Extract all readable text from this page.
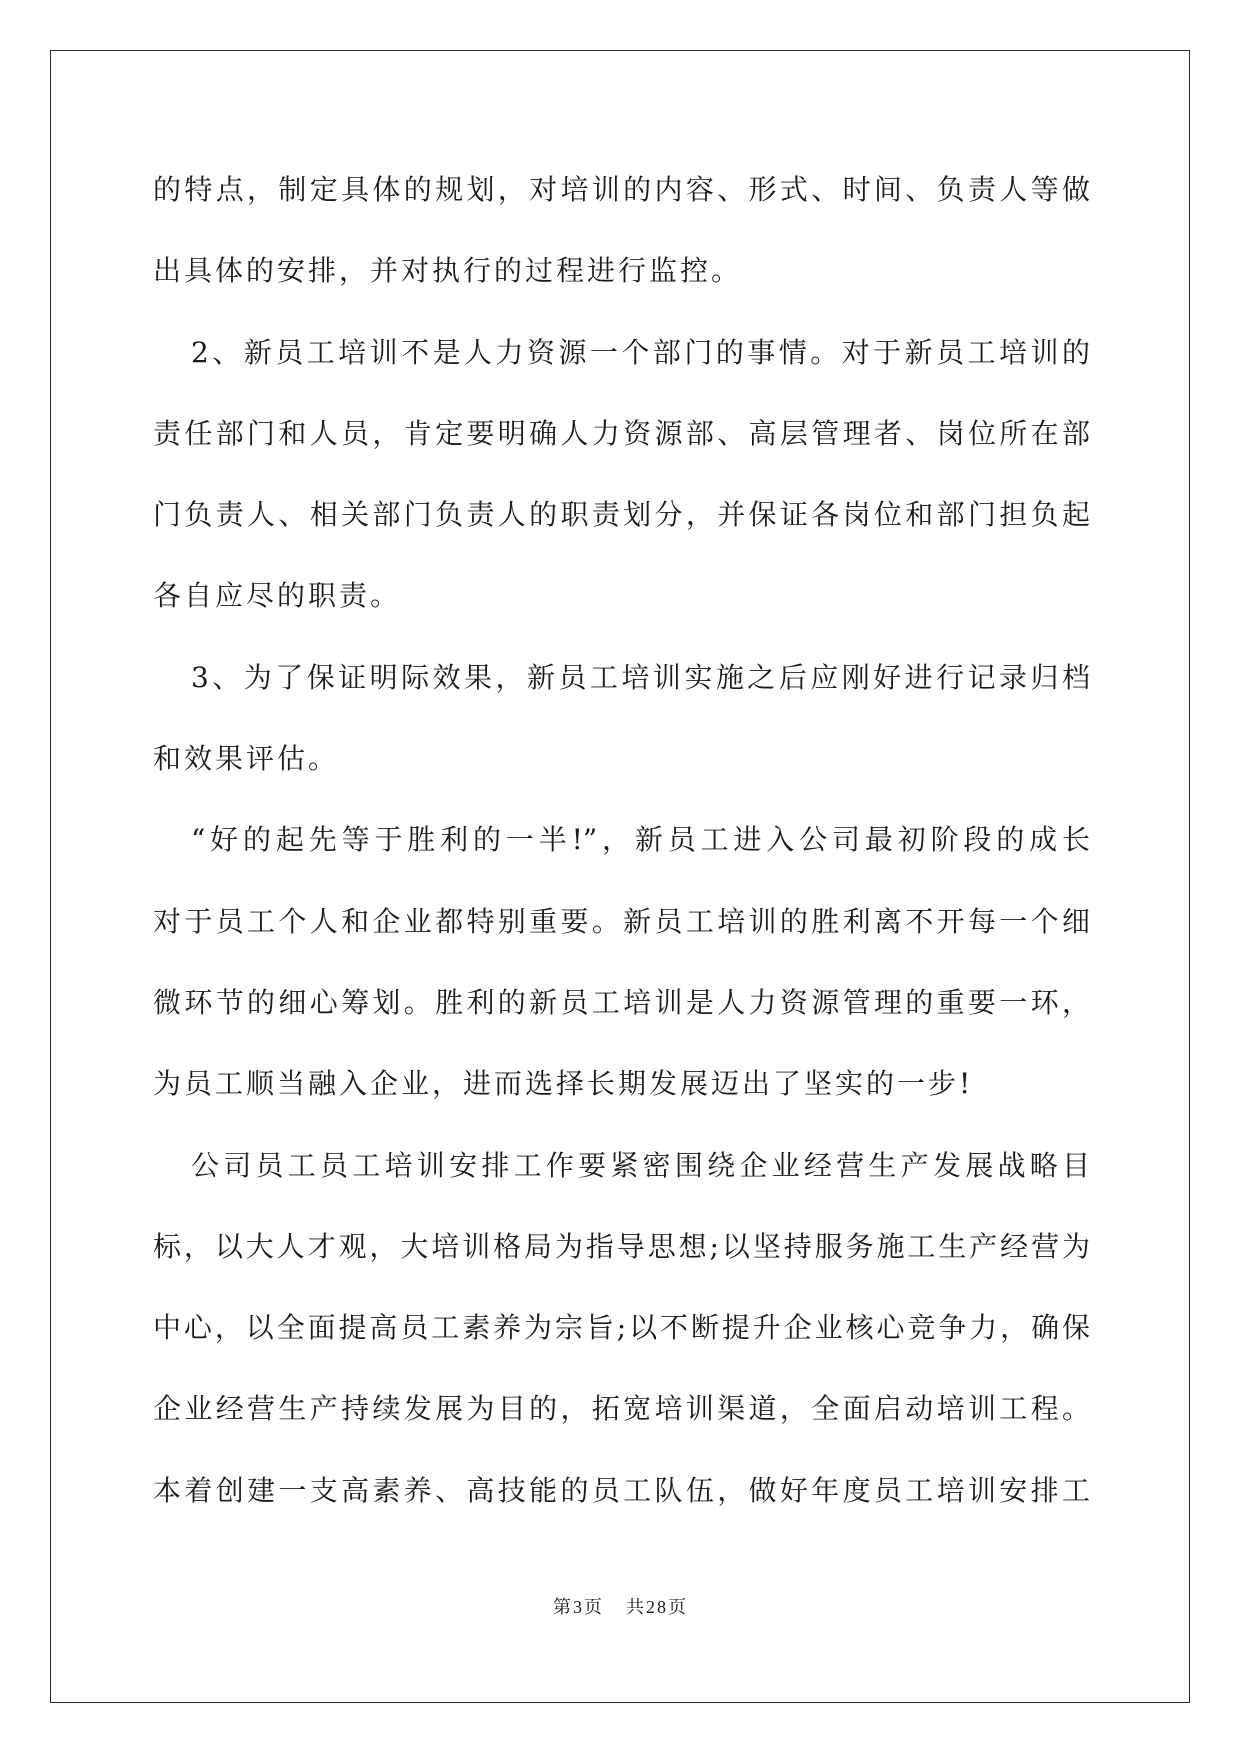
的特点，制定具体的规划，对培训的内容、形式、时间、负责人等做
出具体的安排，并对执行的过程进行监控。
2、新员工培训不是人力资源一个部门的事情。对于新员工培训的
责任部门和人员，肯定要明确人力资源部、高层管理者、岗位所在部
门负责人、相关部门负责人的职责划分，并保证各岗位和部门担负起
各自应尽的职责。
3、为了保证明际效果，新员工培训实施之后应刚好进行记录归档
和效果评估。
“好的起先等于胜利的一半!”，新员工进入公司最初阶段的成长
对于员工个人和企业都特别重要。新员工培训的胜利离不开每一个细
微环节的细心筹划。胜利的新员工培训是人力资源管理的重要一环，
为员工顺当融入企业，进而选择长期发展迈出了坚实的一步!
公司员工员工培训安排工作要紧密围绕企业经营生产发展战略目
标，以大人才观，大培训格局为指导思想;以坚持服务施工生产经营为
中心，以全面提高员工素养为宗旨;以不断提升企业核心竞争力，确保
企业经营生产持续发展为目的，拓宽培训渠道，全面启动培训工程。
本着创建一支高素养、高技能的员工队伍，做好年度员工培训安排工
第3页 共28页
